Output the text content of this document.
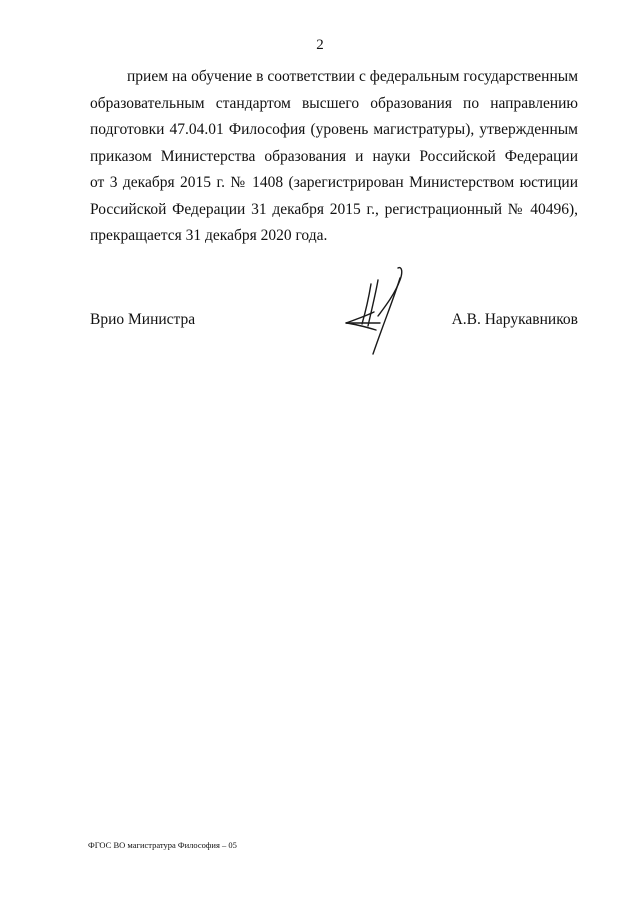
2
прием на обучение в соответствии с федеральным государственным
образовательным стандартом высшего образования по направлению
подготовки 47.04.01 Философия (уровень магистратуры), утвержденным
приказом Министерства образования и науки Российской Федерации
от 3 декабря 2015 г. № 1408 (зарегистрирован Министерством юстиции
Российской Федерации 31 декабря 2015 г., регистрационный № 40496),
прекращается 31 декабря 2020 года.
Врио Министра	А.В. Нарукавников
ФГОС ВО магистратура Философия – 05
